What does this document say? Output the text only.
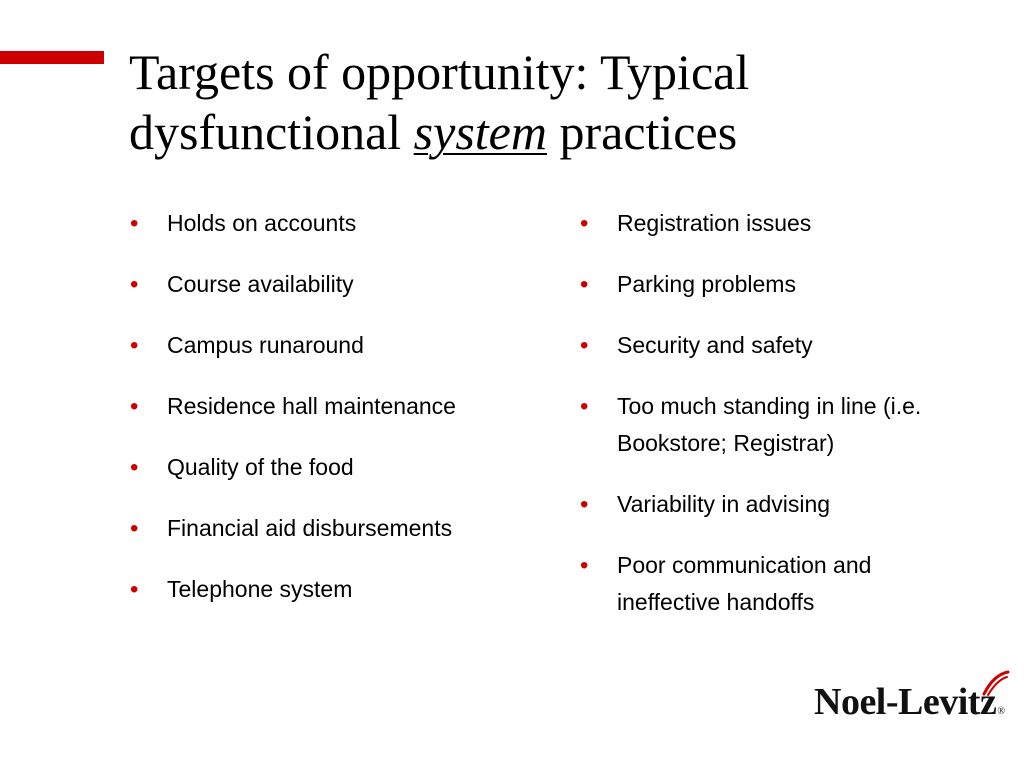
Targets of opportunity: Typical
dysfunctional system practices
• Holds on accounts
• Course availability
• Campus runaround
• Residence hall maintenance
• Quality of the food
• Financial aid disbursements
• Telephone system
• Registration issues
• Parking problems
• Security and safety
• Too much standing in line (i.e. Bookstore; Registrar)
• Variability in advising
• Poor communication and ineffective handoffs
Noel-Levitz®
